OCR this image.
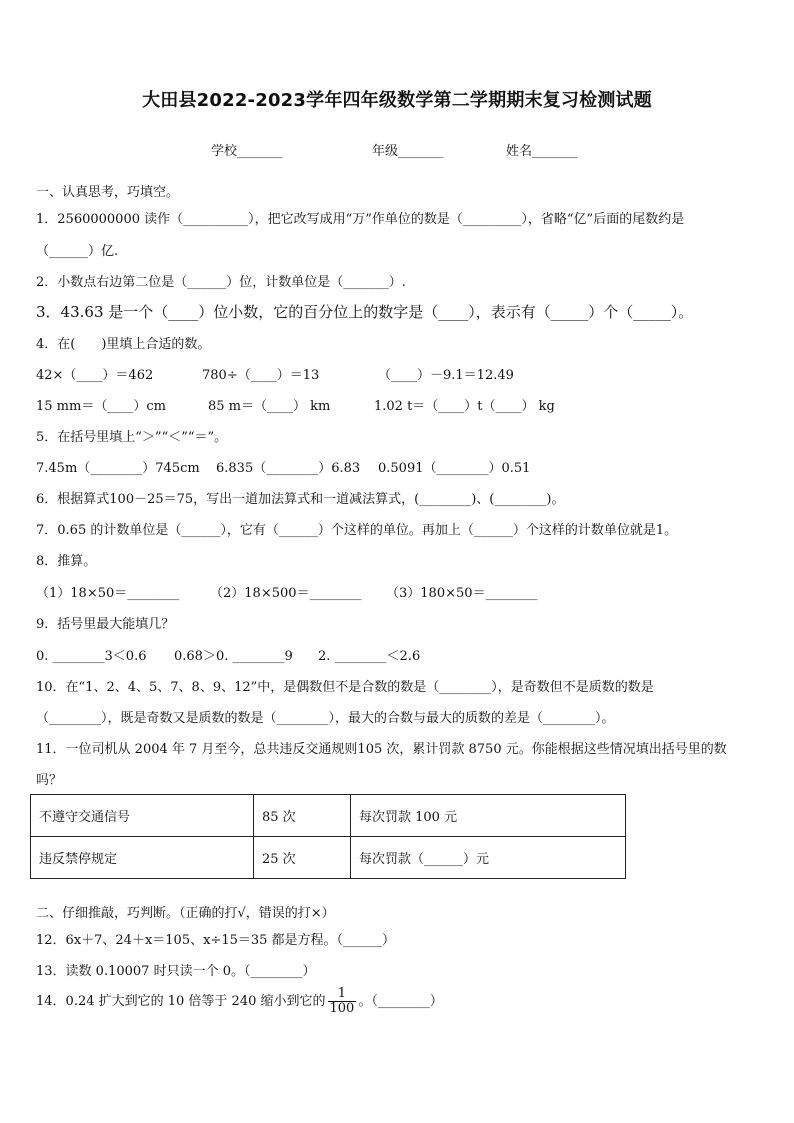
大田县2022-2023学年四年级数学第二学期期末复习检测试题
学校_______	年级_______	姓名_______
一、认真思考，巧填空。
1．2560000000 读作（__________），把它改写成用“万”作单位的数是（_________），省略“亿”后面的尾数约是
（______）亿.
2．小数点右边第二位是（______）位，计数单位是（_______）.
3．43.63 是一个（____）位小数，它的百分位上的数字是（____），表示有（_____）个（_____）。
4．在(　　)里填上合适的数。
42×（____）＝462	780÷（____）＝13	（____）－9.1＝12.49
15 mm＝（____）cm	85 m＝（____） km	1.02 t＝（____）t（____） kg
5．在括号里填上“＞”“＜”“＝”。
7.45m（________）745cm 6.835（________）6.83 0.5091（________）0.51
6．根据算式100－25＝75，写出一道加法算式和一道减法算式，(________)、(________)。
7．0.65 的计数单位是（______），它有（______）个这样的单位。再加上（______）个这样的计数单位就是1。
8．推算。
（1）18×50＝________ （2）18×500＝________ （3）180×50＝________
9．括号里最大能填几？
0. ________3＜0.6 0.68＞0. ________9 2. ________＜2.6
10．在“1、2、4、5、7、8、9、12”中，是偶数但不是合数的数是（________），是奇数但不是质数的数是
（________），既是奇数又是质数的数是（________），最大的合数与最大的质数的差是（________）。
11．一位司机从 2004 年 7 月至今，总共违反交通规则105 次，累计罚款 8750 元。你能根据这些情况填出括号里的数
吗？
不遵守交通信号	85 次	每次罚款 100 元
违反禁停规定	25 次	每次罚款（______）元
二、仔细推敲，巧判断。（正确的打√，错误的打×）
12．6x＋7、24＋x＝105、x÷15＝35 都是方程。（______）
13．读数 0.10007 时只读一个 0。（________）
14．0.24 扩大到它的 10 倍等于 240 缩小到它的 $\frac{1}{100}$ 。（________）
